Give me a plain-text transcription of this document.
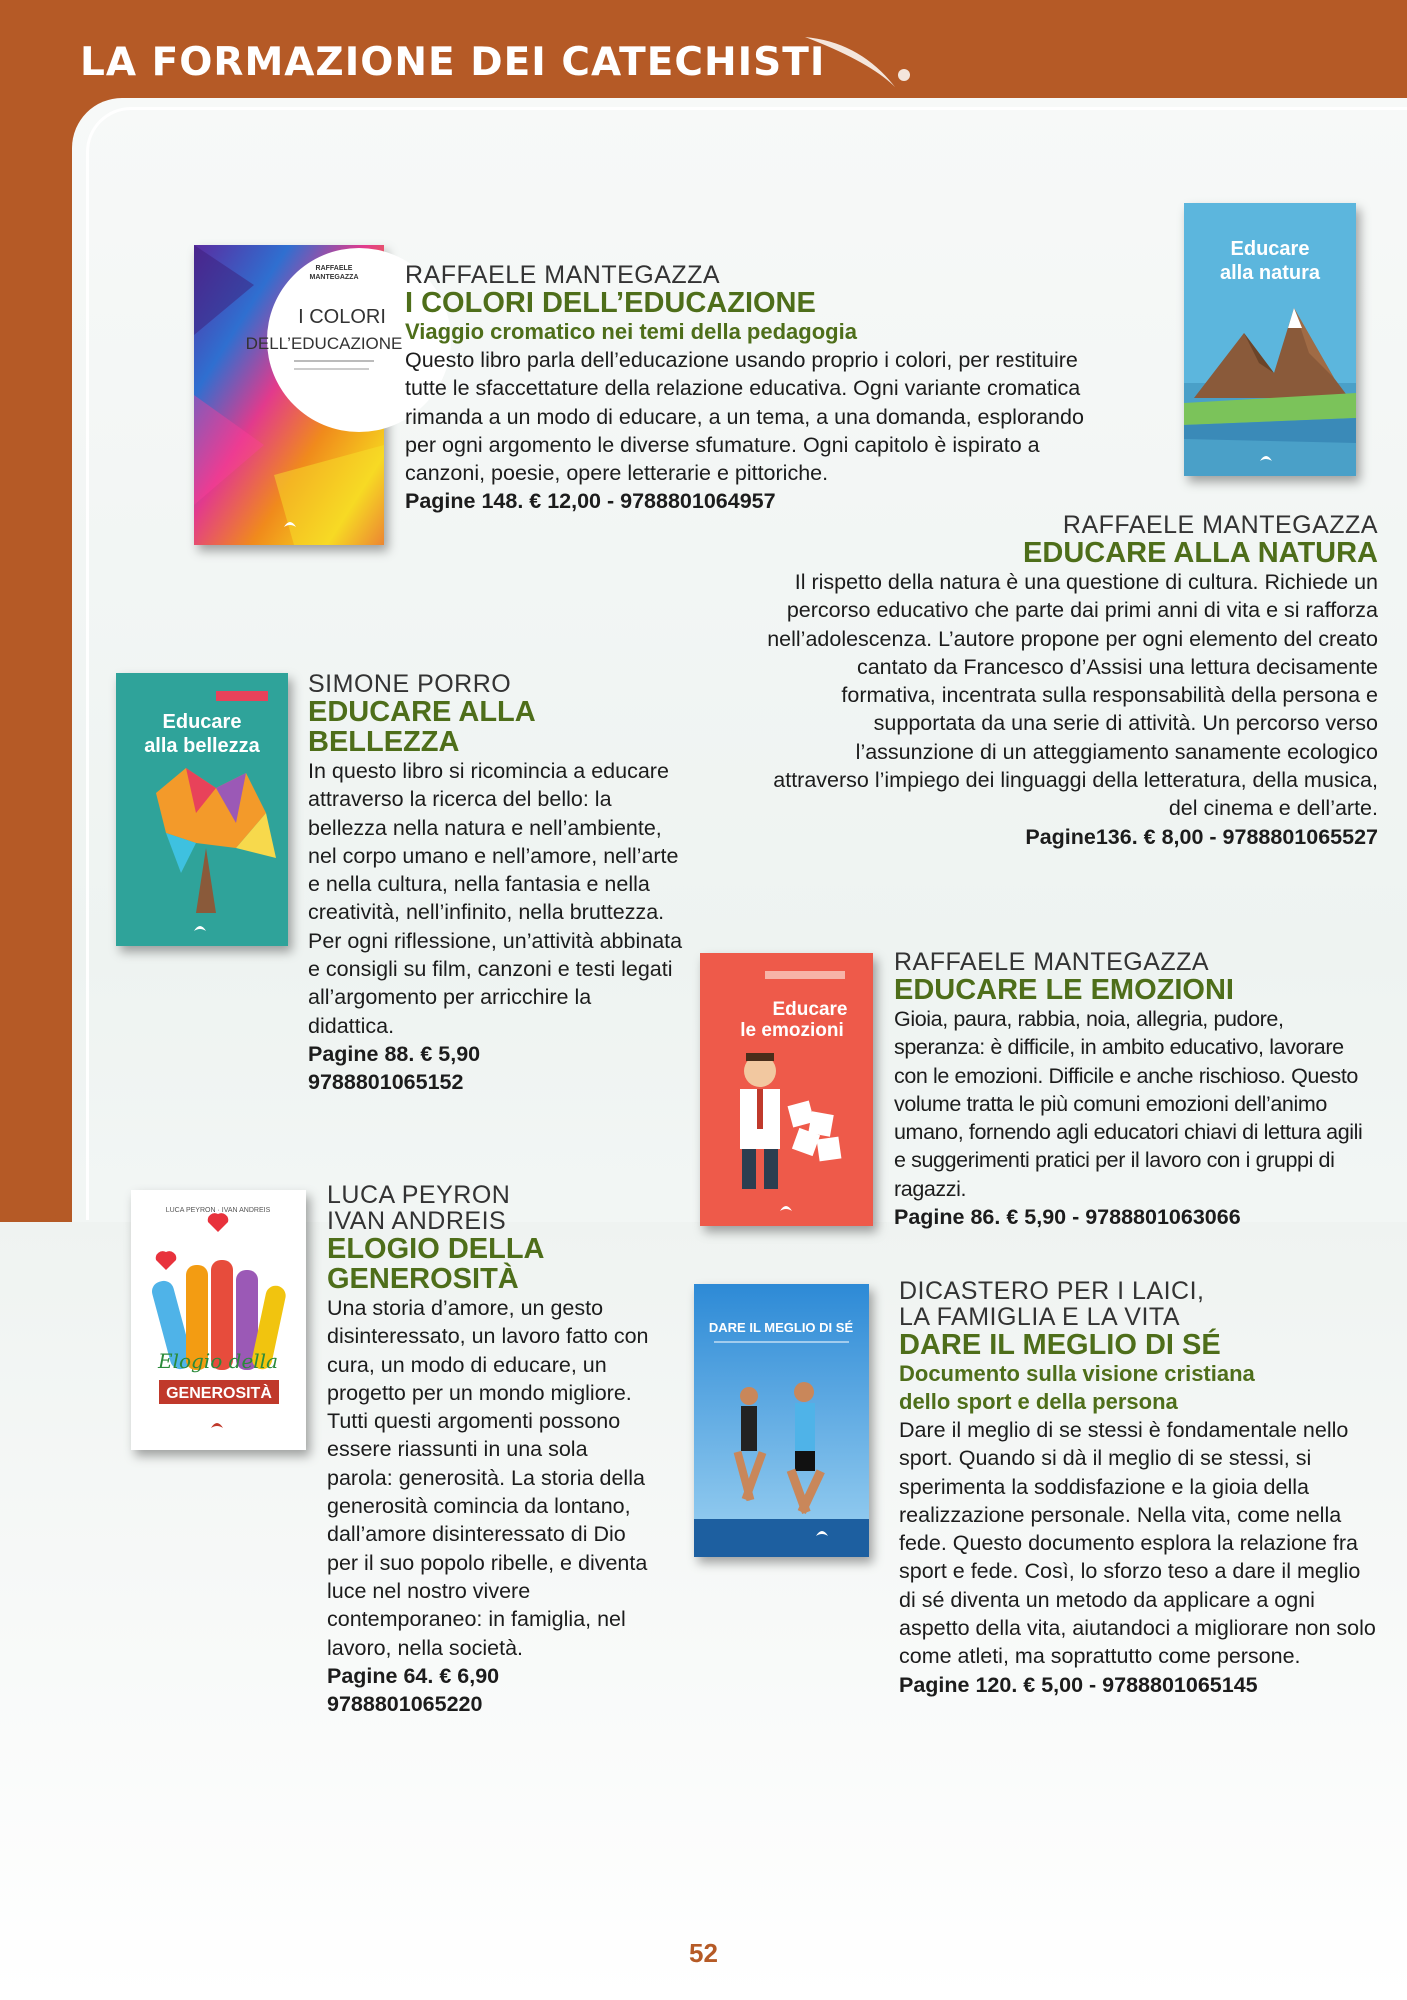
LA FORMAZIONE DEI CATECHISTI
RAFFAELE
MANTEGAZZA
I COLORI
DELL’EDUCAZIONE
RAFFAELE MANTEGAZZA
I COLORI DELL’EDUCAZIONE
Viaggio cromatico nei temi della pedagogia
Questo libro parla dell’educazione usando proprio i colori, per restituire tutte le sfaccettature della relazione educativa. Ogni variante cromatica rimanda a un modo di educare, a un tema, a una domanda, esplorando per ogni argomento le diverse sfumature. Ogni capitolo è ispirato a canzoni, poesie, opere letterarie e pittoriche.
Pagine 148. € 12,00 - 9788801064957
Educare
alla natura
RAFFAELE MANTEGAZZA
EDUCARE ALLA NATURA
Il rispetto della natura è una questione di cultura. Richiede un percorso educativo che parte dai primi anni di vita e si rafforza nell’adolescenza. L’autore propone per ogni elemento del creato cantato da Francesco d’Assisi una lettura decisamente formativa, incentrata sulla responsabilità della persona e supportata da una serie di attività. Un percorso verso l’assunzione di un atteggiamento sanamente ecologico attraverso l’impiego dei linguaggi della letteratura, della musica, del cinema e dell’arte.
Pagine136. € 8,00 - 9788801065527
Educare
alla bellezza
SIMONE PORRO
EDUCARE ALLA BELLEZZA
In questo libro si ricomincia a educare attraverso la ricerca del bello: la bellezza nella natura e nell’ambiente, nel corpo umano e nell’amore, nell’arte e nella cultura, nella fantasia e nella creatività, nell’infinito, nella bruttezza. Per ogni riflessione, un’attività abbinata e consigli su film, canzoni e testi legati all’argomento per arricchire la didattica.
Pagine 88. € 5,90
9788801065152
Educare
le emozioni
RAFFAELE MANTEGAZZA
EDUCARE LE EMOZIONI
Gioia, paura, rabbia, noia, allegria, pudore, speranza: è difficile, in ambito educativo, lavorare con le emozioni. Difficile e anche rischioso. Questo volume tratta le più comuni emozioni dell’animo umano, fornendo agli educatori chiavi di lettura agili e suggerimenti pratici per il lavoro con i gruppi di ragazzi.
Pagine 86. € 5,90 - 9788801063066
LUCA PEYRON · IVAN ANDREIS
Elogio della
GENEROSITÀ
LUCA PEYRON
IVAN ANDREIS
ELOGIO DELLA GENEROSITÀ
Una storia d’amore, un gesto disinteressato, un lavoro fatto con cura, un modo di educare, un progetto per un mondo migliore. Tutti questi argomenti possono essere riassunti in una sola parola: generosità. La storia della generosità comincia da lontano, dall’amore disinteressato di Dio per il suo popolo ribelle, e diventa luce nel nostro vivere contemporaneo: in famiglia, nel lavoro, nella società.
Pagine 64. € 6,90
9788801065220
DARE IL MEGLIO DI SÉ
DICASTERO PER I LAICI,
LA FAMIGLIA E LA VITA
DARE IL MEGLIO DI SÉ
Documento sulla visione cristiana
dello sport e della persona
Dare il meglio di se stessi è fondamentale nello sport. Quando si dà il meglio di se stessi, si sperimenta la soddisfazione e la gioia della realizzazione personale. Nella vita, come nella fede. Questo documento esplora la relazione fra sport e fede. Così, lo sforzo teso a dare il meglio di sé diventa un metodo da applicare a ogni aspetto della vita, aiutandoci a migliorare non solo come atleti, ma soprattutto come persone.
Pagine 120. € 5,00 - 9788801065145
52
